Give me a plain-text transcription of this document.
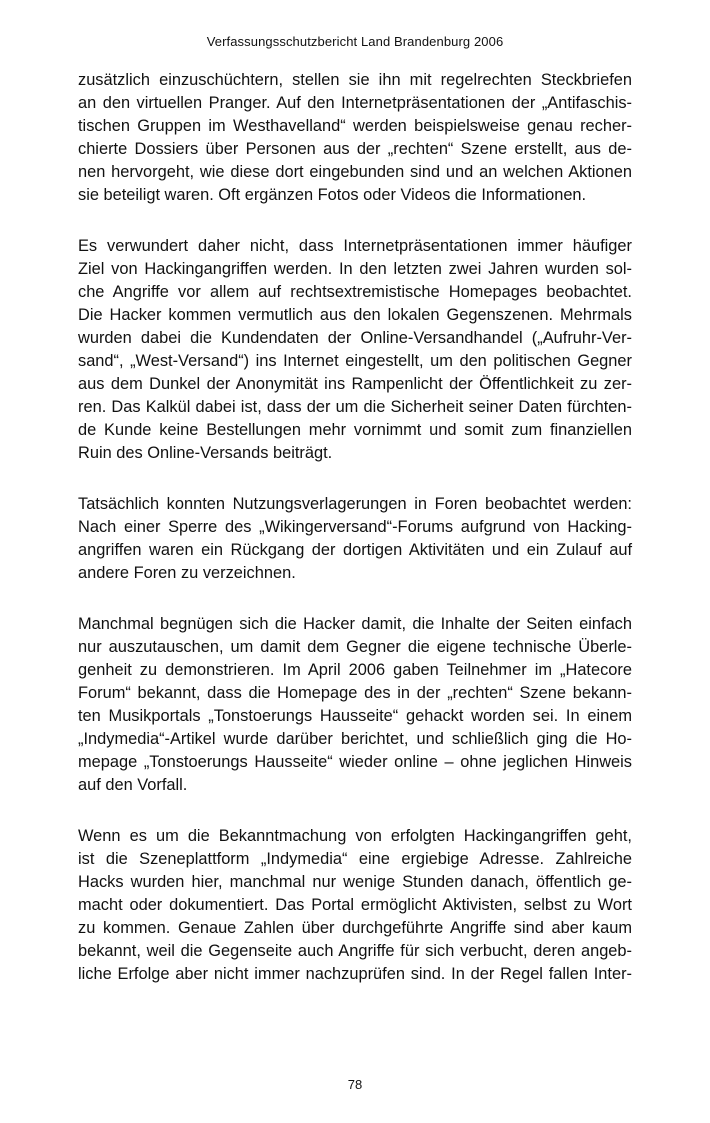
Verfassungsschutzbericht Land Brandenburg 2006
zusätzlich einzuschüchtern, stellen sie ihn mit regelrechten Steckbriefen
an den virtuellen Pranger. Auf den Internetpräsentationen der „Antifaschis-
tischen Gruppen im Westhavelland“ werden beispielsweise genau recher-
chierte Dossiers über Personen aus der „rechten“ Szene erstellt, aus de-
nen hervorgeht, wie diese dort eingebunden sind und an welchen Aktionen
sie beteiligt waren. Oft ergänzen Fotos oder Videos die Informationen.
Es verwundert daher nicht, dass Internetpräsentationen immer häufiger
Ziel von Hackingangriffen werden. In den letzten zwei Jahren wurden sol-
che Angriffe vor allem auf rechtsextremistische Homepages beobachtet.
Die Hacker kommen vermutlich aus den lokalen Gegenszenen. Mehrmals
wurden dabei die Kundendaten der Online-Versandhandel („Aufruhr-Ver-
sand“, „West-Versand“) ins Internet eingestellt, um den politischen Gegner
aus dem Dunkel der Anonymität ins Rampenlicht der Öffentlichkeit zu zer-
ren. Das Kalkül dabei ist, dass der um die Sicherheit seiner Daten fürchten-
de Kunde keine Bestellungen mehr vornimmt und somit zum finanziellen
Ruin des Online-Versands beiträgt.
Tatsächlich konnten Nutzungsverlagerungen in Foren beobachtet werden:
Nach einer Sperre des „Wikingerversand“-Forums aufgrund von Hacking-
angriffen waren ein Rückgang der dortigen Aktivitäten und ein Zulauf auf
andere Foren zu verzeichnen.
Manchmal begnügen sich die Hacker damit, die Inhalte der Seiten einfach
nur auszutauschen, um damit dem Gegner die eigene technische Überle-
genheit zu demonstrieren. Im April 2006 gaben Teilnehmer im „Hatecore
Forum“ bekannt, dass die Homepage des in der „rechten“ Szene bekann-
ten Musikportals „Tonstoerungs Hausseite“ gehackt worden sei. In einem
„Indymedia“-Artikel wurde darüber berichtet, und schließlich ging die Ho-
mepage „Tonstoerungs Hausseite“ wieder online – ohne jeglichen Hinweis
auf den Vorfall.
Wenn es um die Bekanntmachung von erfolgten Hackingangriffen geht,
ist die Szeneplattform „Indymedia“ eine ergiebige Adresse. Zahlreiche
Hacks wurden hier, manchmal nur wenige Stunden danach, öffentlich ge-
macht oder dokumentiert. Das Portal ermöglicht Aktivisten, selbst zu Wort
zu kommen. Genaue Zahlen über durchgeführte Angriffe sind aber kaum
bekannt, weil die Gegenseite auch Angriffe für sich verbucht, deren angeb-
liche Erfolge aber nicht immer nachzuprüfen sind. In der Regel fallen Inter-
78
